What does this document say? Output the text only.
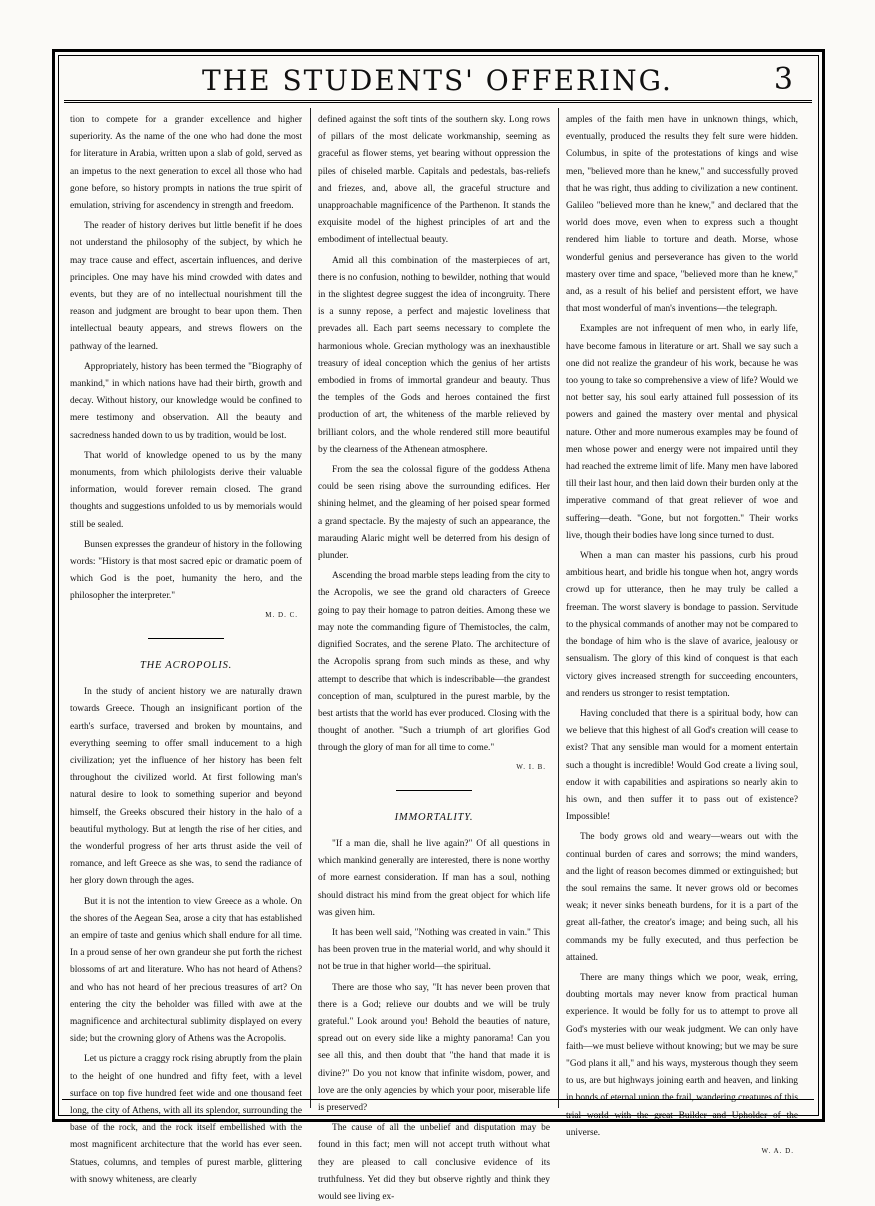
THE STUDENTS' OFFERING.	3

tion to compete for a grander excellence and higher superiority. As the name of the one who had done the most for literature in Arabia, written upon a slab of gold, served as an impetus to the next generation to excel all those who had gone before, so history prompts in nations the true spirit of emulation, striving for ascendency in strength and freedom.

The reader of history derives but little benefit if he does not understand the philosophy of the subject, by which he may trace cause and effect, ascertain influences, and derive principles. One may have his mind crowded with dates and events, but they are of no intellectual nourishment till the reason and judgment are brought to bear upon them. Then intellectual beauty appears, and strews flowers on the pathway of the learned.

Appropriately, history has been termed the "Biography of mankind," in which nations have had their birth, growth and decay. Without history, our knowledge would be confined to mere testimony and observation. All the beauty and sacredness handed down to us by tradition, would be lost.

That world of knowledge opened to us by the many monuments, from which philologists derive their valuable information, would forever remain closed. The grand thoughts and suggestions unfolded to us by memorials would still be sealed.

Bunsen expresses the grandeur of history in the following words: "History is that most sacred epic or dramatic poem of which God is the poet, humanity the hero, and the philosopher the interpreter."

M. D. C.
THE ACROPOLIS.

In the study of ancient history we are naturally drawn towards Greece. Though an insignificant portion of the earth's surface, traversed and broken by mountains, and everything seeming to offer small inducement to a high civilization; yet the influence of her history has been felt throughout the civilized world. At first following man's natural desire to look to something superior and beyond himself, the Greeks obscured their history in the halo of a beautiful mythology. But at length the rise of her cities, and the wonderful progress of her arts thrust aside the veil of romance, and left Greece as she was, to send the radiance of her glory down through the ages.

But it is not the intention to view Greece as a whole. On the shores of the Aegean Sea, arose a city that has established an empire of taste and genius which shall endure for all time. In a proud sense of her own grandeur she put forth the richest blossoms of art and literature. Who has not heard of Athens? and who has not heard of her precious treasures of art? On entering the city the beholder was filled with awe at the magnificence and architectural sublimity displayed on every side; but the crowning glory of Athens was the Acropolis.

Let us picture a craggy rock rising abruptly from the plain to the height of one hundred and fifty feet, with a level surface on top five hundred feet wide and one thousand feet long, the city of Athens, with all its splendor, surrounding the base of the rock, and the rock itself embellished with the most magnificent architecture that the world has ever seen. Statues, columns, and temples of purest marble, glittering with snowy whiteness, are clearly

defined against the soft tints of the southern sky. Long rows of pillars of the most delicate workmanship, seeming as graceful as flower stems, yet bearing without oppression the piles of chiseled marble. Capitals and pedestals, bas-reliefs and friezes, and, above all, the graceful structure and unapproachable magnificence of the Parthenon. It stands the exquisite model of the highest principles of art and the embodiment of intellectual beauty.

Amid all this combination of the masterpieces of art, there is no confusion, nothing to bewilder, nothing that would in the slightest degree suggest the idea of incongruity. There is a sunny repose, a perfect and majestic loveliness that prevades all. Each part seems necessary to complete the harmonious whole. Grecian mythology was an inexhaustible treasury of ideal conception which the genius of her artists embodied in froms of immortal grandeur and beauty. Thus the temples of the Gods and heroes contained the first production of art, the whiteness of the marble relieved by brilliant colors, and the whole rendered still more beautiful by the clearness of the Athenean atmosphere.

From the sea the colossal figure of the goddess Athena could be seen rising above the surrounding edifices. Her shining helmet, and the gleaming of her poised spear formed a grand spectacle. By the majesty of such an appearance, the marauding Alaric might well be deterred from his design of plunder.

Ascending the broad marble steps leading from the city to the Acropolis, we see the grand old characters of Greece going to pay their homage to patron deities. Among these we may note the commanding figure of Themistocles, the calm, dignified Socrates, and the serene Plato. The architecture of the Acropolis sprang from such minds as these, and why attempt to describe that which is indescribable—the grandest conception of man, sculptured in the purest marble, by the best artists that the world has ever produced. Closing with the thought of another. "Such a triumph of art glorifies God through the glory of man for all time to come."

W. I. B.
IMMORTALITY.

"If a man die, shall he live again?" Of all questions in which mankind generally are interested, there is none worthy of more earnest consideration. If man has a soul, nothing should distract his mind from the great object for which life was given him.

It has been well said, "Nothing was created in vain." This has been proven true in the material world, and why should it not be true in that higher world—the spiritual.

There are those who say, "It has never been proven that there is a God; relieve our doubts and we will be truly grateful." Look around you! Behold the beauties of nature, spread out on every side like a mighty panorama! Can you see all this, and then doubt that "the hand that made it is divine?" Do you not know that infinite wisdom, power, and love are the only agencies by which your poor, miserable life is preserved?

The cause of all the unbelief and disputation may be found in this fact; men will not accept truth without what they are pleased to call conclusive evidence of its truthfulness. Yet did they but observe rightly and think they would see living ex-

amples of the faith men have in unknown things, which, eventually, produced the results they felt sure were hidden. Columbus, in spite of the protestations of kings and wise men, "believed more than he knew," and successfully proved that he was right, thus adding to civilization a new continent. Galileo "believed more than he knew," and declared that the world does move, even when to express such a thought rendered him liable to torture and death. Morse, whose wonderful genius and perseverance has given to the world mastery over time and space, "believed more than he knew," and, as a result of his belief and persistent effort, we have that most wonderful of man's inventions—the telegraph.

Examples are not infrequent of men who, in early life, have become famous in literature or art. Shall we say such a one did not realize the grandeur of his work, because he was too young to take so comprehensive a view of life? Would we not better say, his soul early attained full possession of its powers and gained the mastery over mental and physical nature. Other and more numerous examples may be found of men whose power and energy were not impaired until they had reached the extreme limit of life. Many men have labored till their last hour, and then laid down their burden only at the imperative command of that great reliever of woe and suffering—death. "Gone, but not forgotten." Their works live, though their bodies have long since turned to dust.

When a man can master his passions, curb his proud ambitious heart, and bridle his tongue when hot, angry words crowd up for utterance, then he may truly be called a freeman. The worst slavery is bondage to passion. Servitude to the physical commands of another may not be compared to the bondage of him who is the slave of avarice, jealousy or sensualism. The glory of this kind of conquest is that each victory gives increased strength for succeeding encounters, and renders us stronger to resist temptation.

Having concluded that there is a spiritual body, how can we believe that this highest of all God's creation will cease to exist? That any sensible man would for a moment entertain such a thought is incredible! Would God create a living soul, endow it with capabilities and aspirations so nearly akin to his own, and then suffer it to pass out of existence? Impossible!

The body grows old and weary—wears out with the continual burden of cares and sorrows; the mind wanders, and the light of reason becomes dimmed or extinguished; but the soul remains the same. It never grows old or becomes weak; it never sinks beneath burdens, for it is a part of the great all-father, the creator's image; and being such, all his commands my be fully executed, and thus perfection be attained.

There are many things which we poor, weak, erring, doubting mortals may never know from practical human experience. It would be folly for us to attempt to prove all God's mysteries with our weak judgment. We can only have faith—we must believe without knowing; but we may be sure "God plans it all," and his ways, mysterous though they seem to us, are but highways joining earth and heaven, and linking in bonds of eternal union the frail, wandering creatures of this trial world with the great Builder and Upholder of the universe.

W. A. D.
